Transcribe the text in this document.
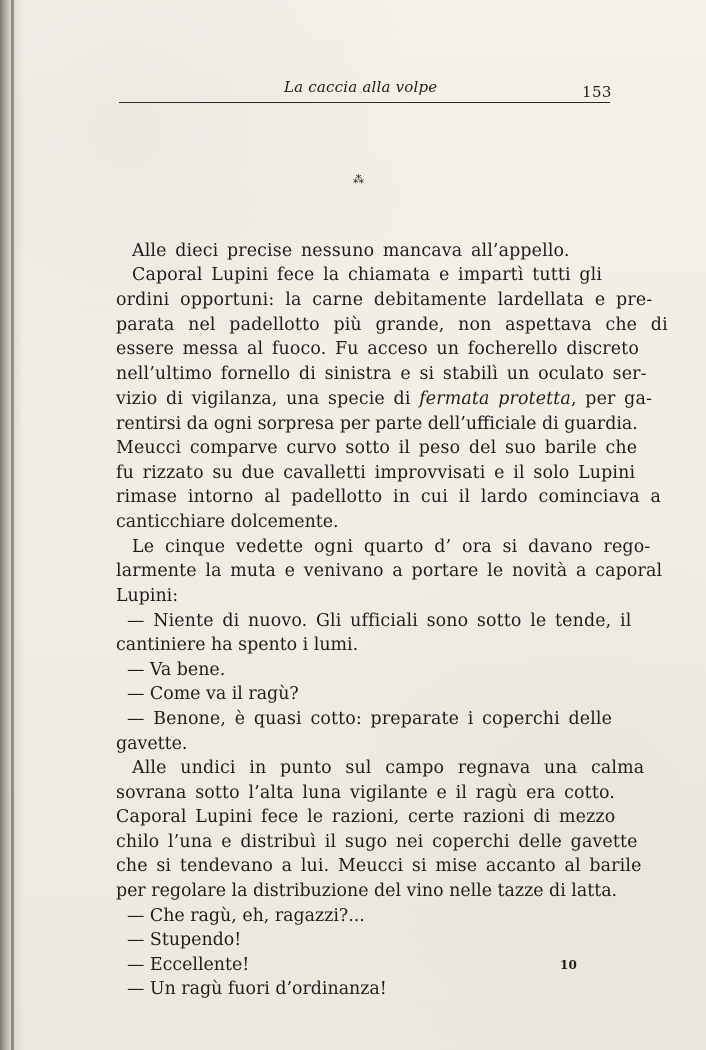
La caccia alla volpe	153
⁂
Alle dieci precise nessuno mancava all’appello.
Caporal Lupini fece la chiamata e impartì tutti gli
ordini opportuni: la carne debitamente lardellata e pre-
parata nel padellotto più grande, non aspettava che di
essere messa al fuoco. Fu acceso un focherello discreto
nell’ultimo fornello di sinistra e si stabilì un oculato ser-
vizio di vigilanza, una specie di fermata protetta, per ga-
rentirsi da ogni sorpresa per parte dell’ufficiale di guardia.
Meucci comparve curvo sotto il peso del suo barile che
fu rizzato su due cavalletti improvvisati e il solo Lupini
rimase intorno al padellotto in cui il lardo cominciava a
canticchiare dolcemente.
Le cinque vedette ogni quarto d’ ora si davano rego-
larmente la muta e venivano a portare le novità a caporal
Lupini:
— Niente di nuovo. Gli ufficiali sono sotto le tende, il
cantiniere ha spento i lumi.
— Va bene.
— Come va il ragù?
— Benone, è quasi cotto: preparate i coperchi delle
gavette.
Alle undici in punto sul campo regnava una calma
sovrana sotto l’alta luna vigilante e il ragù era cotto.
Caporal Lupini fece le razioni, certe razioni di mezzo
chilo l’una e distribuì il sugo nei coperchi delle gavette
che si tendevano a lui. Meucci si mise accanto al barile
per regolare la distribuzione del vino nelle tazze di latta.
— Che ragù, eh, ragazzi?...
— Stupendo!
— Eccellente!
— Un ragù fuori d’ordinanza!
10
